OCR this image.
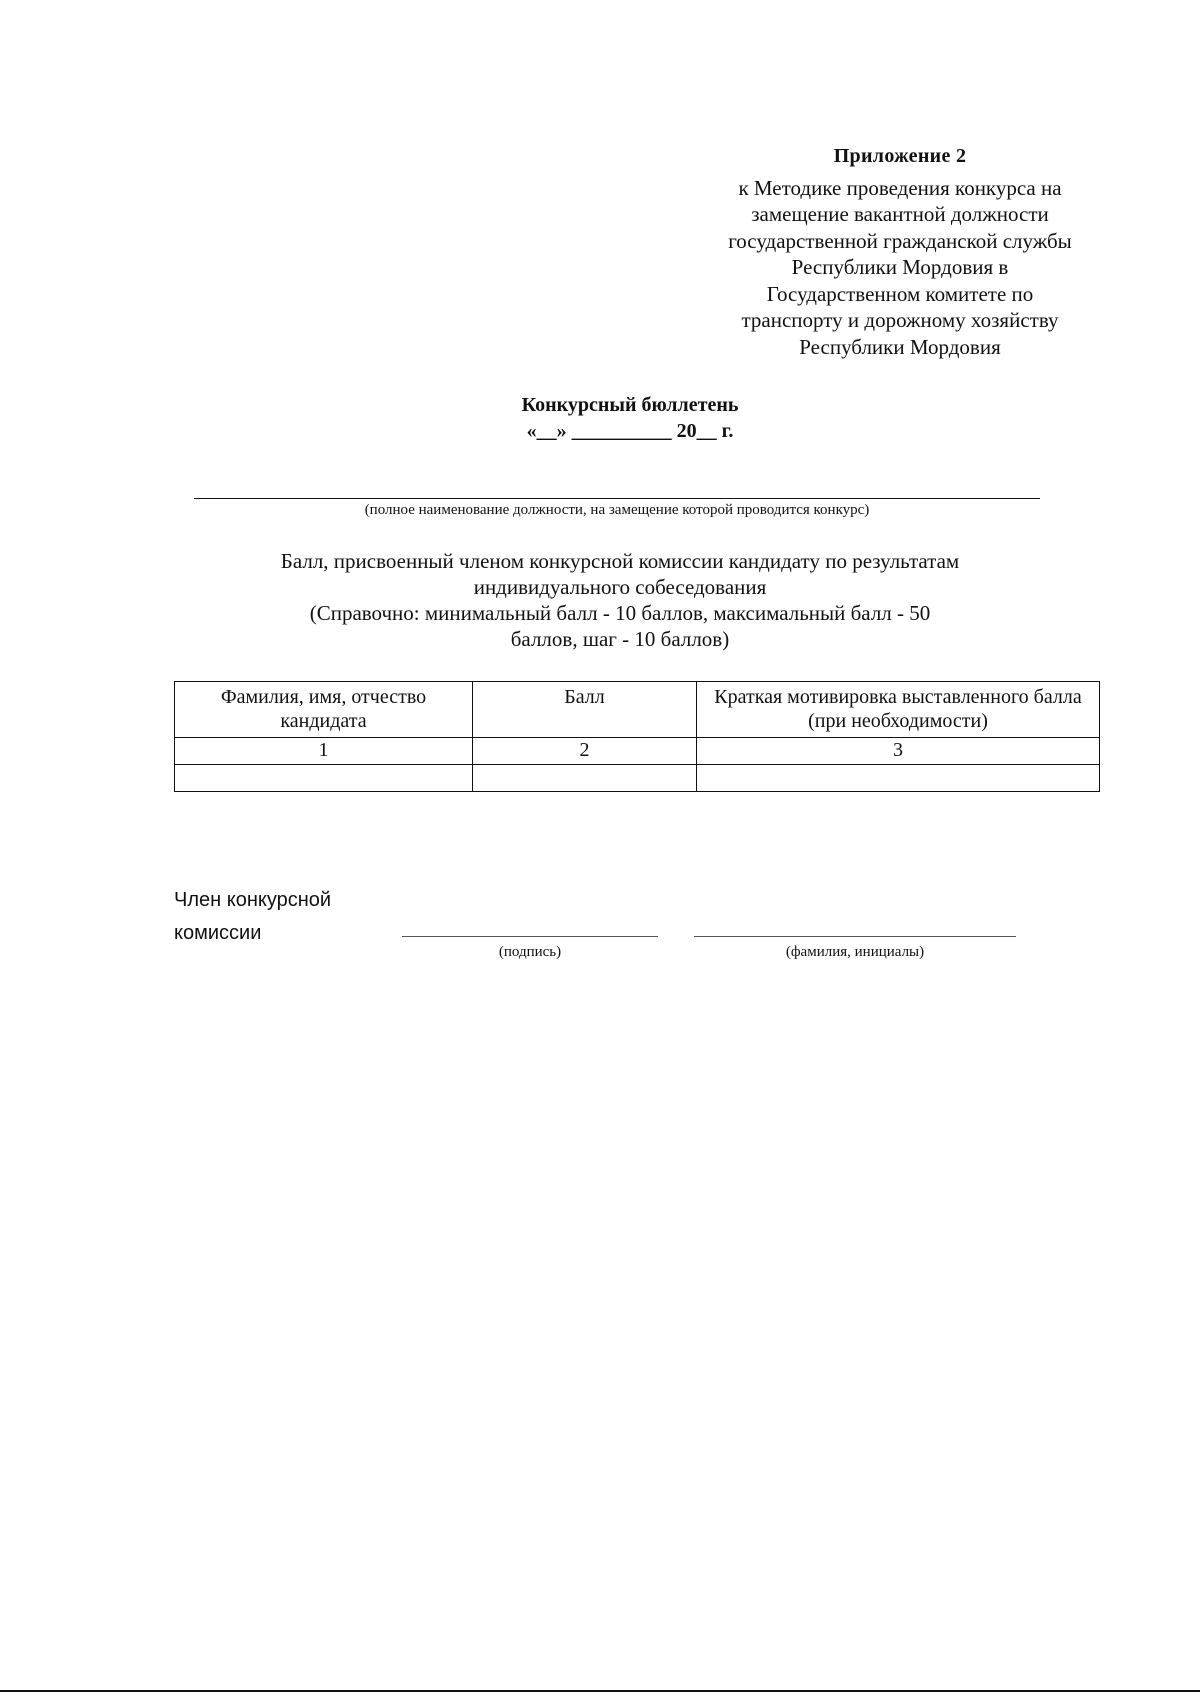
Приложение 2
к Методике проведения конкурса на
замещение вакантной должности
государственной гражданской службы
Республики Мордовия в
Государственном комитете по
транспорту и дорожному хозяйству
Республики Мордовия
Конкурсный бюллетень
«__» __________ 20__ г.
(полное наименование должности, на замещение которой проводится конкурс)
Балл, присвоенный членом конкурсной комиссии кандидату по результатам
индивидуального собеседования
(Справочно: минимальный балл - 10 баллов, максимальный балл - 50
баллов, шаг - 10 баллов)
Фамилия, имя, отчество кандидата	Балл	Краткая мотивировка выставленного балла (при необходимости)
1	2	3

Член конкурсной
комиссии
(подпись)	(фамилия, инициалы)
